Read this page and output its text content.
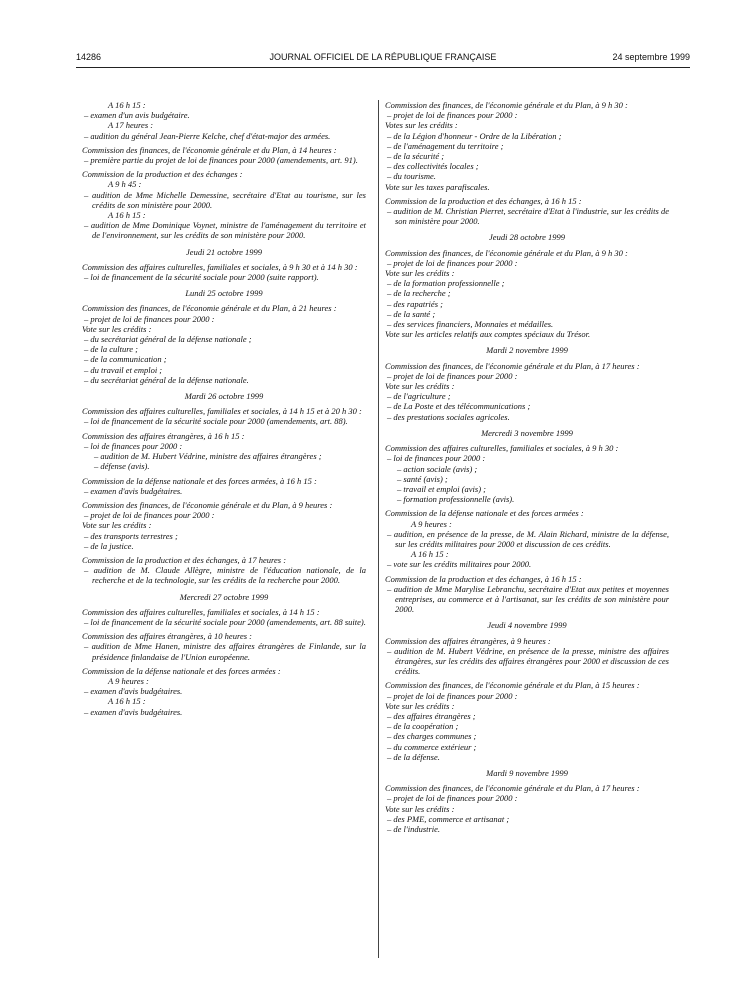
14286	JOURNAL OFFICIEL DE LA RÉPUBLIQUE FRANÇAISE	24 septembre 1999

A 16 h 15 :

– examen d'un avis budgétaire.

A 17 heures :

– audition du général Jean-Pierre Kelche, chef d'état-major des armées.

Commission des finances, de l'économie générale et du Plan, à 14 heures :

– première partie du projet de loi de finances pour 2000 (amendements, art. 91).

Commission de la production et des échanges :

A 9 h 45 :

– audition de Mme Michelle Demessine, secrétaire d'Etat au tourisme, sur les crédits de son ministère pour 2000.

A 16 h 15 :

– audition de Mme Dominique Voynet, ministre de l'aménagement du territoire et de l'environnement, sur les crédits de son ministère pour 2000.

Jeudi 21 octobre 1999

Commission des affaires culturelles, familiales et sociales, à 9 h 30 et à 14 h 30 :

– loi de financement de la sécurité sociale pour 2000 (suite rapport).

Lundi 25 octobre 1999

Commission des finances, de l'économie générale et du Plan, à 21 heures :

– projet de loi de finances pour 2000 :

Vote sur les crédits :

– du secrétariat général de la défense nationale ;

– de la culture ;

– de la communication ;

– du travail et emploi ;

– du secrétariat général de la défense nationale.

Mardi 26 octobre 1999

Commission des affaires culturelles, familiales et sociales, à 14 h 15 et à 20 h 30 :

– loi de financement de la sécurité sociale pour 2000 (amendements, art. 88).

Commission des affaires étrangères, à 16 h 15 :

– loi de finances pour 2000 :

– audition de M. Hubert Védrine, ministre des affaires étrangères ;

– défense (avis).

Commission de la défense nationale et des forces armées, à 16 h 15 :

– examen d'avis budgétaires.

Commission des finances, de l'économie générale et du Plan, à 9 heures :

– projet de loi de finances pour 2000 :

Vote sur les crédits :

– des transports terrestres ;

– de la justice.

Commission de la production et des échanges, à 17 heures :

– audition de M. Claude Allègre, ministre de l'éducation nationale, de la recherche et de la technologie, sur les crédits de la recherche pour 2000.

Mercredi 27 octobre 1999

Commission des affaires culturelles, familiales et sociales, à 14 h 15 :

– loi de financement de la sécurité sociale pour 2000 (amendements, art. 88 suite).

Commission des affaires étrangères, à 10 heures :

– audition de Mme Hanen, ministre des affaires étrangères de Finlande, sur la présidence finlandaise de l'Union européenne.

Commission de la défense nationale et des forces armées :

A 9 heures :

– examen d'avis budgétaires.

A 16 h 15 :

– examen d'avis budgétaires.

Commission des finances, de l'économie générale et du Plan, à 9 h 30 :

– projet de loi de finances pour 2000 :

Votes sur les crédits :

– de la Légion d'honneur - Ordre de la Libération ;

– de l'aménagement du territoire ;

– de la sécurité ;

– des collectivités locales ;

– du tourisme.

Vote sur les taxes parafiscales.

Commission de la production et des échanges, à 16 h 15 :

– audition de M. Christian Pierret, secrétaire d'Etat à l'industrie, sur les crédits de son ministère pour 2000.

Jeudi 28 octobre 1999

Commission des finances, de l'économie générale et du Plan, à 9 h 30 :

– projet de loi de finances pour 2000 :

Vote sur les crédits :

– de la formation professionnelle ;

– de la recherche ;

– des rapatriés ;

– de la santé ;

– des services financiers, Monnaies et médailles.

Vote sur les articles relatifs aux comptes spéciaux du Trésor.

Mardi 2 novembre 1999

Commission des finances, de l'économie générale et du Plan, à 17 heures :

– projet de loi de finances pour 2000 :

Vote sur les crédits :

– de l'agriculture ;

– de La Poste et des télécommunications ;

– des prestations sociales agricoles.

Mercredi 3 novembre 1999

Commission des affaires culturelles, familiales et sociales, à 9 h 30 :

– loi de finances pour 2000 :

– action sociale (avis) ;

– santé (avis) ;

– travail et emploi (avis) ;

– formation professionnelle (avis).

Commission de la défense nationale et des forces armées :

A 9 heures :

– audition, en présence de la presse, de M. Alain Richard, ministre de la défense, sur les crédits militaires pour 2000 et discussion de ces crédits.

A 16 h 15 :

– vote sur les crédits militaires pour 2000.

Commission de la production et des échanges, à 16 h 15 :

– audition de Mme Marylise Lebranchu, secrétaire d'Etat aux petites et moyennes entreprises, au commerce et à l'artisanat, sur les crédits de son ministère pour 2000.

Jeudi 4 novembre 1999

Commission des affaires étrangères, à 9 heures :

– audition de M. Hubert Védrine, en présence de la presse, ministre des affaires étrangères, sur les crédits des affaires étrangères pour 2000 et discussion de ces crédits.

Commission des finances, de l'économie générale et du Plan, à 15 heures :

– projet de loi de finances pour 2000 :

Vote sur les crédits :

– des affaires étrangères ;

– de la coopération ;

– des charges communes ;

– du commerce extérieur ;

– de la défense.

Mardi 9 novembre 1999

Commission des finances, de l'économie générale et du Plan, à 17 heures :

– projet de loi de finances pour 2000 :

Vote sur les crédits :

– des PME, commerce et artisanat ;

– de l'industrie.
